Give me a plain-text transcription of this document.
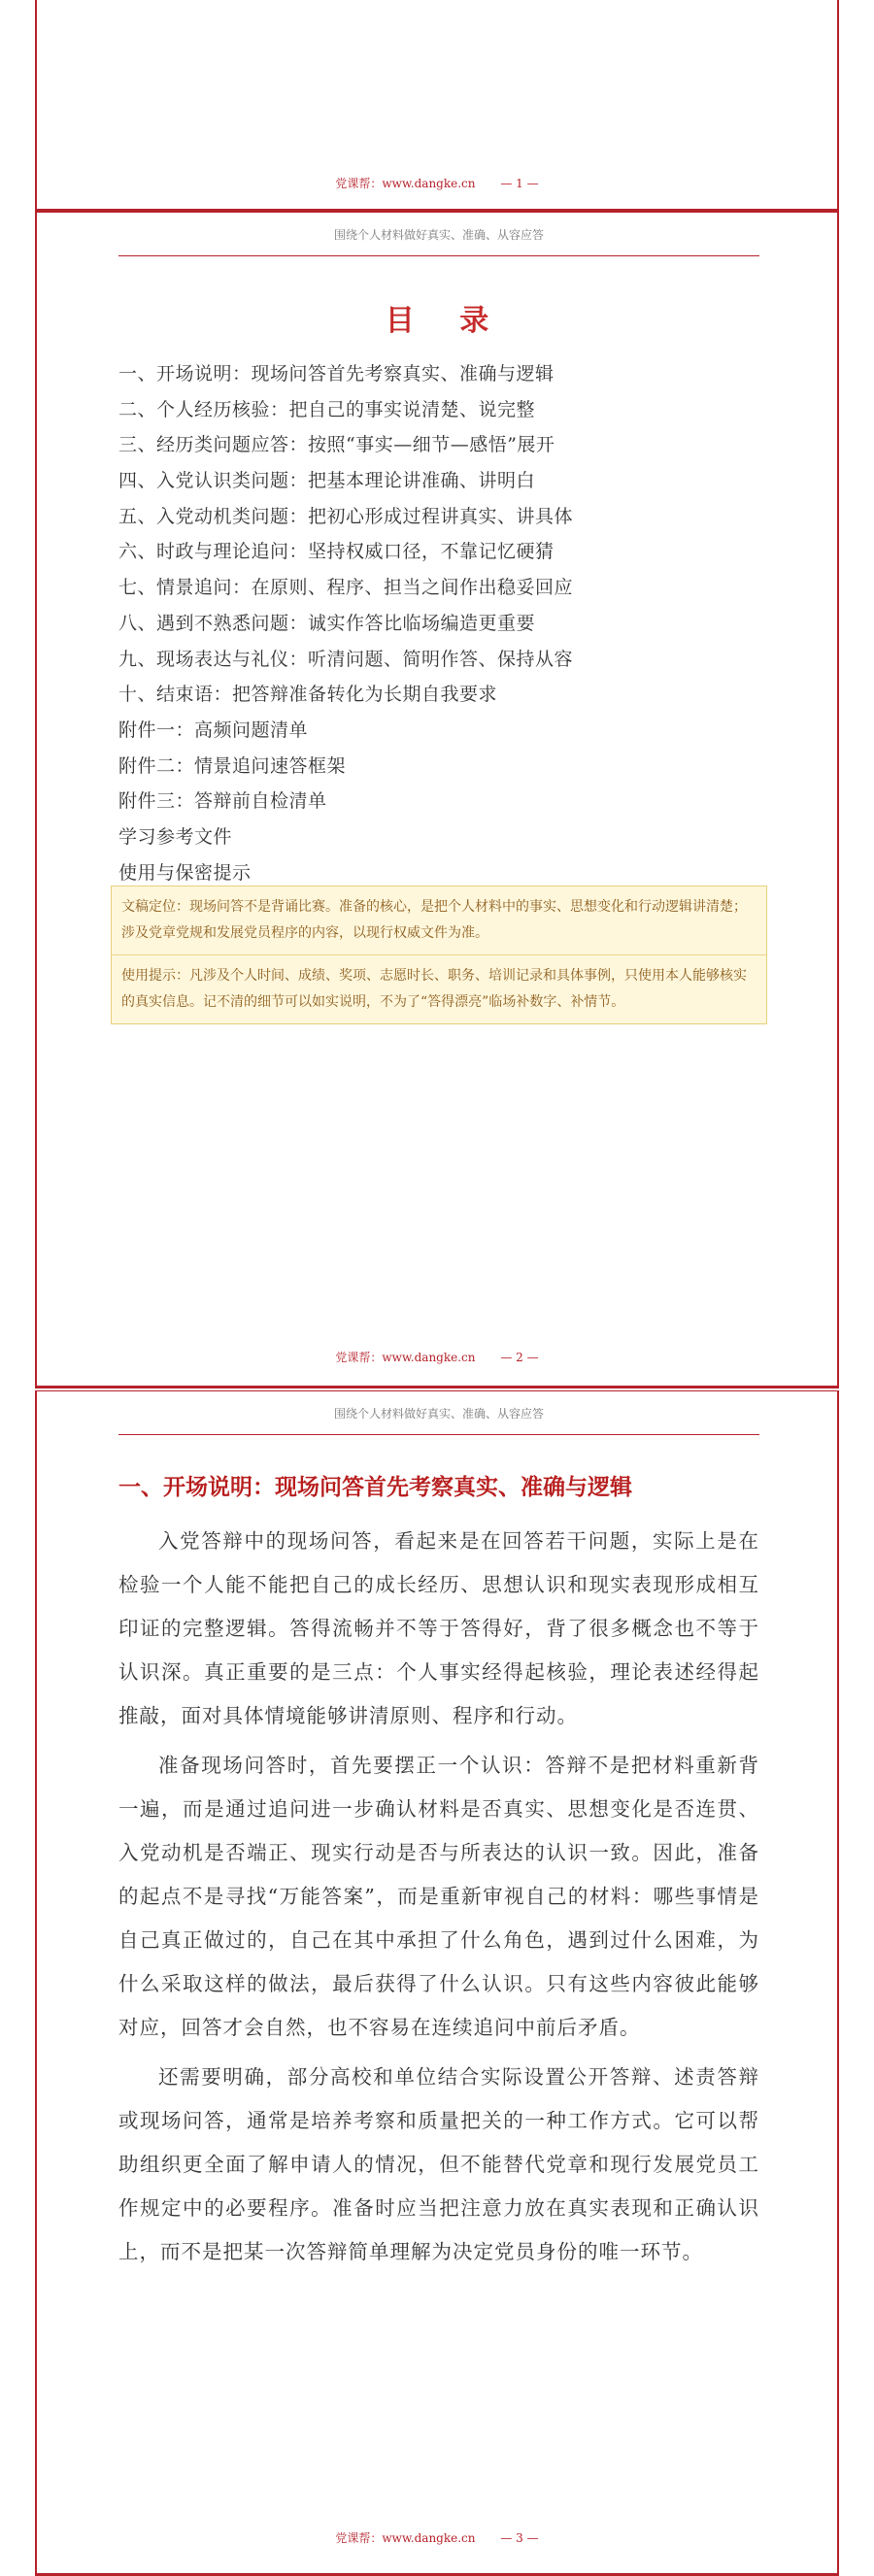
党课帮：www.dangke.cn — 1 —
围绕个人材料做好真实、准确、从容应答
目 录
一、开场说明：现场问答首先考察真实、准确与逻辑
二、个人经历核验：把自己的事实说清楚、说完整
三、经历类问题应答：按照“事实—细节—感悟”展开
四、入党认识类问题：把基本理论讲准确、讲明白
五、入党动机类问题：把初心形成过程讲真实、讲具体
六、时政与理论追问：坚持权威口径，不靠记忆硬猜
七、情景追问：在原则、程序、担当之间作出稳妥回应
八、遇到不熟悉问题：诚实作答比临场编造更重要
九、现场表达与礼仪：听清问题、简明作答、保持从容
十、结束语：把答辩准备转化为长期自我要求
附件一：高频问题清单
附件二：情景追问速答框架
附件三：答辩前自检清单
学习参考文件
使用与保密提示
文稿定位：现场问答不是背诵比赛。准备的核心，是把个人材料中的事实、思想变化和行动逻辑讲清楚；涉及党章党规和发展党员程序的内容，以现行权威文件为准。
使用提示：凡涉及个人时间、成绩、奖项、志愿时长、职务、培训记录和具体事例，只使用本人能够核实的真实信息。记不清的细节可以如实说明，不为了“答得漂亮”临场补数字、补情节。
党课帮：www.dangke.cn — 2 —
围绕个人材料做好真实、准确、从容应答
一、开场说明：现场问答首先考察真实、准确与逻辑

入党答辩中的现场问答，看起来是在回答若干问题，实际上是在检验一个人能不能把自己的成长经历、思想认识和现实表现形成相互印证的完整逻辑。答得流畅并不等于答得好，背了很多概念也不等于认识深。真正重要的是三点：个人事实经得起核验，理论表述经得起推敲，面对具体情境能够讲清原则、程序和行动。

准备现场问答时，首先要摆正一个认识：答辩不是把材料重新背一遍，而是通过追问进一步确认材料是否真实、思想变化是否连贯、入党动机是否端正、现实行动是否与所表达的认识一致。因此，准备的起点不是寻找“万能答案”，而是重新审视自己的材料：哪些事情是自己真正做过的，自己在其中承担了什么角色，遇到过什么困难，为什么采取这样的做法，最后获得了什么认识。只有这些内容彼此能够对应，回答才会自然，也不容易在连续追问中前后矛盾。

还需要明确，部分高校和单位结合实际设置公开答辩、述责答辩或现场问答，通常是培养考察和质量把关的一种工作方式。它可以帮助组织更全面了解申请人的情况，但不能替代党章和现行发展党员工作规定中的必要程序。准备时应当把注意力放在真实表现和正确认识上，而不是把某一次答辩简单理解为决定党员身份的唯一环节。

党课帮：www.dangke.cn — 3 —
